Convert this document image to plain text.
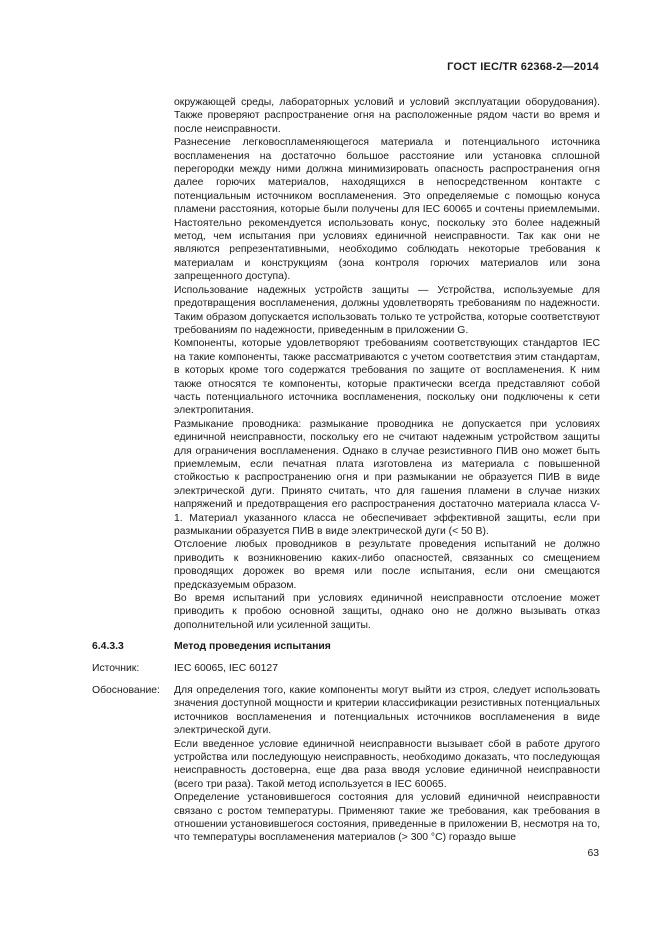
ГОСТ IEC/TR 62368-2—2014

окружающей среды, лабораторных условий и условий эксплуатации оборудования). Также проверяют распространение огня на расположенные рядом части во время и после неисправности.

Разнесение легковоспламеняющегося материала и потенциального источника воспламенения на достаточно большое расстояние или установка сплошной перегородки между ними должна минимизировать опасность распространения огня далее горючих материалов, находящихся в непосредственном контакте с потенциальным источником воспламенения. Это определяемые с помощью конуса пламени расстояния, которые были получены для IEC 60065 и сочтены приемлемыми. Настоятельно рекомендуется использовать конус, поскольку это более надежный метод, чем испытания при условиях единичной неисправности. Так как они не являются репрезентативными, необходимо соблюдать некоторые требования к материалам и конструкциям (зона контроля горючих материалов или зона запрещенного доступа).

Использование надежных устройств защиты — Устройства, используемые для предотвращения воспламенения, должны удовлетворять требованиям по надежности. Таким образом допускается использовать только те устройства, которые соответствуют требованиям по надежности, приведенным в приложении G.

Компоненты, которые удовлетворяют требованиям соответствующих стандартов IEC на такие компоненты, также рассматриваются с учетом соответствия этим стандартам, в которых кроме того содержатся требования по защите от воспламенения. К ним также относятся те компоненты, которые практически всегда представляют собой часть потенциального источника воспламенения, поскольку они подключены к сети электропитания.

Размыкание проводника: размыкание проводника не допускается при условиях единичной неисправности, поскольку его не считают надежным устройством защиты для ограничения воспламенения. Однако в случае резистивного ПИВ оно может быть приемлемым, если печатная плата изготовлена из материала с повышенной стойкостью к распространению огня и при размыкании не образуется ПИВ в виде электрической дуги. Принято считать, что для гашения пламени в случае низких напряжений и предотвращения его распространения достаточно материала класса V-1. Материал указанного класса не обеспечивает эффективной защиты, если при размыкании образуется ПИВ в виде электрической дуги (< 50 В).

Отслоение любых проводников в результате проведения испытаний не должно приводить к возникновению каких-либо опасностей, связанных со смещением проводящих дорожек во время или после испытания, если они смещаются предсказуемым образом.

Во время испытаний при условиях единичной неисправности отслоение может приводить к пробою основной защиты, однако оно не должно вызывать отказ дополнительной или усиленной защиты.

6.4.3.3	Метод проведения испытания
Источник:	IEC 60065, IEC 60127
Обоснование: Для определения того, какие компоненты могут выйти из строя, следует использовать значения доступной мощности и критерии классификации резистивных потенциальных источников воспламенения и потенциальных источников воспламенения в виде электрической дуги.

Если введенное условие единичной неисправности вызывает сбой в работе другого устройства или последующую неисправность, необходимо доказать, что последующая неисправность достоверна, еще два раза вводя условие единичной неисправности (всего три раза). Такой метод используется в IEC 60065.

Определение установившегося состояния для условий единичной неисправности связано с ростом температуры. Применяют такие же требования, как требования в отношении установившегося состояния, приведенные в приложении B, несмотря на то, что температуры воспламенения материалов (> 300 °C) гораздо выше

63
